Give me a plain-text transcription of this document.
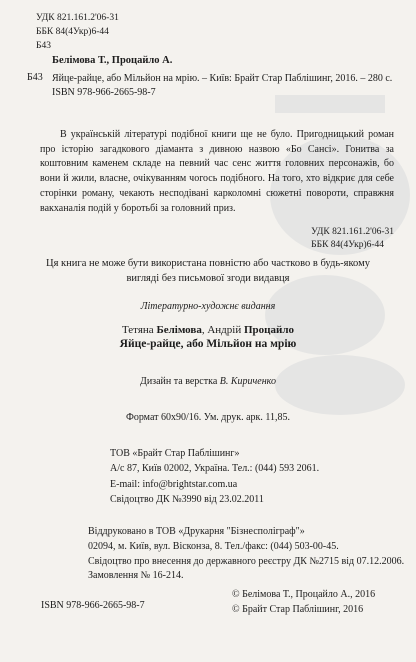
УДК 821.161.2'06-31
ББК 84(4Укр)6-44
Б43
Белімова Т., Процайло А.
Б43 Яйце-райце, або Мільйон на мрію. – Київ: Брайт Стар Паблішинг, 2016. – 280 с.
ISBN 978-966-2665-98-7
В українській літературі подібної книги ще не було. Пригодницький роман про історію загадкового діаманта з дивною назвою «Бо Сансі». Гонитва за коштовним каменем складе на певний час сенс життя головних персонажів, бо вони й жили, власне, очікуванням чогось подібного. На того, хто відкриє для себе сторінки роману, чекають несподівані карколомні сюжетні повороти, справжня вакханалія подій у боротьбі за головний приз.
УДК 821.161.2'06-31
ББК 84(4Укр)6-44
Ця книга не може бути використана повністю або частково в будь-якому вигляді без письмової згоди видавця
Літературно-художнє видання
Тетяна Белімова, Андрій Процайло
Яйце-райце, або Мільйон на мрію
Дизайн та верстка В. Кириченко
Формат 60х90/16. Ум. друк. арк. 11,85.
ТОВ «Брайт Стар Паблішинг»
А/с 87, Київ 02002, Україна. Тел.: (044) 593 2061.
E-mail: info@brightstar.com.ua
Свідоцтво ДК №3990 від 23.02.2011
Віддруковано в ТОВ «Друкарня "Бізнесполіграф"»
02094, м. Київ, вул. Вісконза, 8. Тел./факс: (044) 503-00-45.
Свідоцтво про внесення до державного реєстру ДК №2715 від 07.12.2006.
Замовлення № 16-214.
© Белімова Т., Процайло А., 2016
© Брайт Стар Паблішинг, 2016
ISBN 978-966-2665-98-7
